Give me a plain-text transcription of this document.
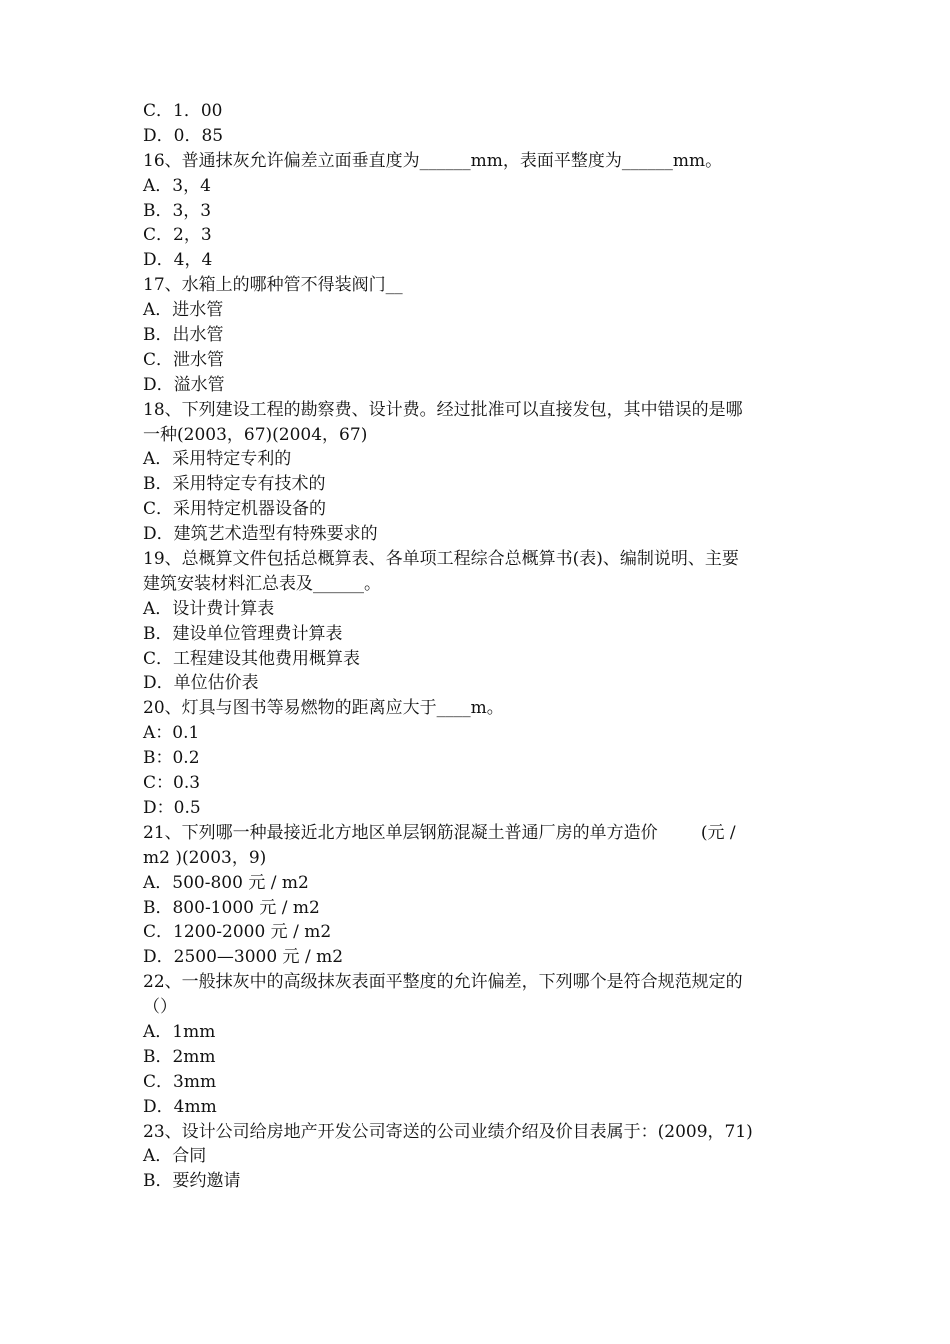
C．1．00
D．0．85
16、普通抹灰允许偏差立面垂直度为______mm，表面平整度为______mm。
A．3，4
B．3，3
C．2，3
D．4，4
17、水箱上的哪种管不得装阀门__
A．进水管
B．出水管
C．泄水管
D．溢水管
18、下列建设工程的勘察费、设计费。经过批准可以直接发包，其中错误的是哪
一种(2003，67)(2004，67)
A．采用特定专利的
B．采用特定专有技术的
C．采用特定机器设备的
D．建筑艺术造型有特殊要求的
19、总概算文件包括总概算表、各单项工程综合总概算书(表)、编制说明、主要
建筑安装材料汇总表及______。
A．设计费计算表
B．建设单位管理费计算表
C．工程建设其他费用概算表
D．单位估价表
20、灯具与图书等易燃物的距离应大于____m。
A：0.1
B：0.2
C：0.3
D：0.5
21、下列哪一种最接近北方地区单层钢筋混凝土普通厂房的单方造价        (元 /
m2 )(2003，9)
A．500-800 元 / m2
B．800-1000 元 / m2
C．1200-2000 元 / m2
D．2500—3000 元 / m2
22、一般抹灰中的高级抹灰表面平整度的允许偏差，下列哪个是符合规范规定的
（）
A．1mm
B．2mm
C．3mm
D．4mm
23、设计公司给房地产开发公司寄送的公司业绩介绍及价目表属于：(2009，71)
A．合同
B．要约邀请
